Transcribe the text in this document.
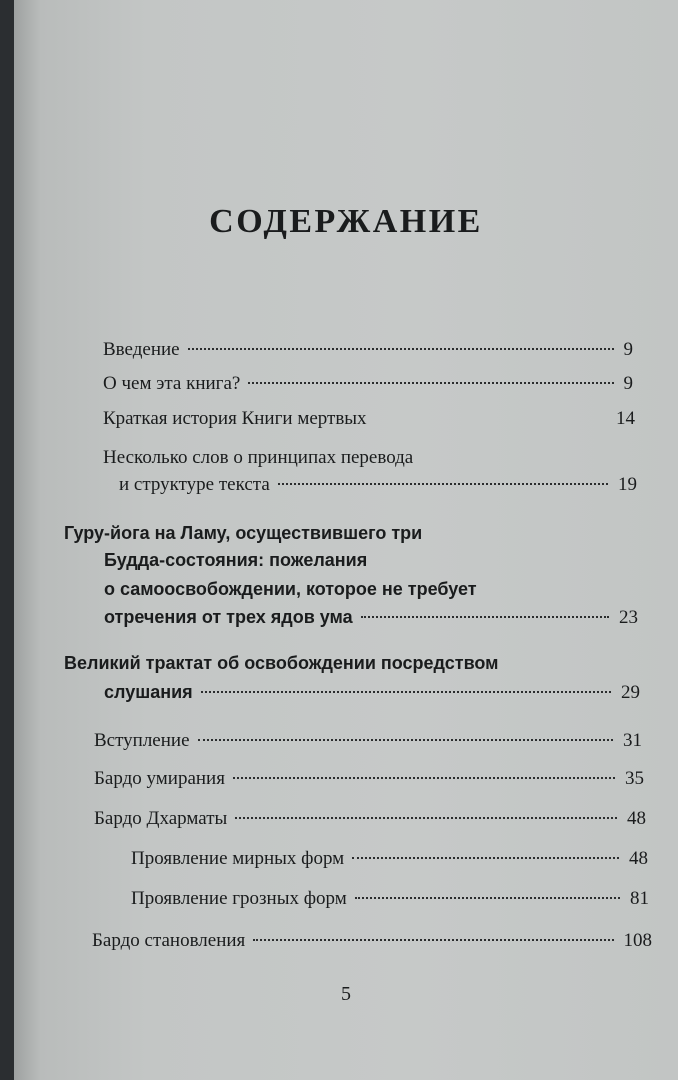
СОДЕРЖАНИЕ
Введение	9
О чем эта книга?	9
Краткая история Книги мертвых	14
Несколько слов о принципах перевода
и структуре текста	19
Гуру-йога на Ламу, осуществившего три
Будда-состояния: пожелания
о самоосвобождении, которое не требует
отречения от трех ядов ума	23
Великий трактат об освобождении посредством
слушания	29
Вступление	31
Бардо умирания	35
Бардо Дхарматы	48
Проявление мирных форм	48
Проявление грозных форм	81
Бардо становления	108
5
